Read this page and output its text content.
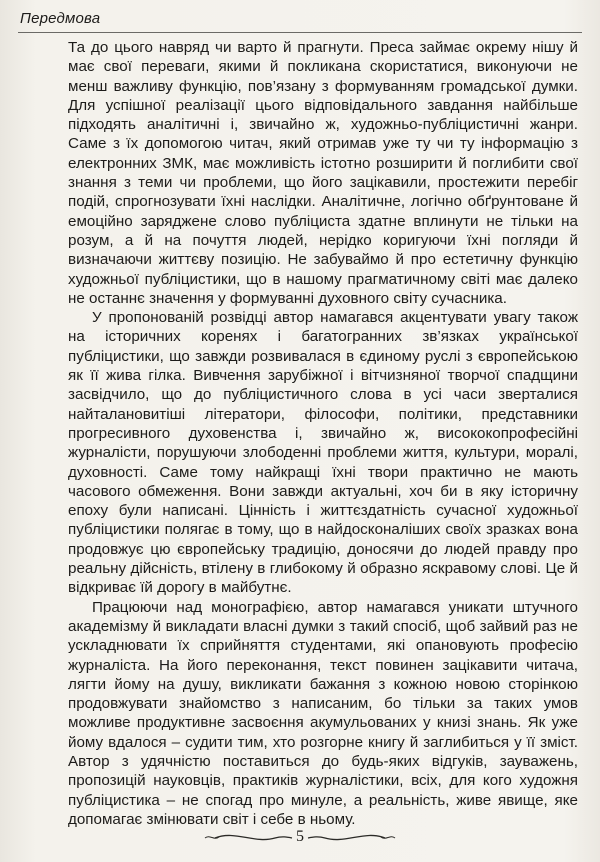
Передмова

Та до цього навряд чи варто й прагнути. Преса займає окрему нішу й має свої переваги, якими й покликана скористатися, виконуючи не менш важливу функцію, пов’язану з формуванням громадської думки. Для успішної реалізації цього відповідального завдання найбільше підходять аналітичні і, звичайно ж, художньо-публіцистичні жанри. Саме з їх допомогою читач, який отримав уже ту чи ту інформацію з електронних ЗМК, має можливість істотно розширити й поглибити свої знання з теми чи проблеми, що його зацікавили, простежити перебіг подій, спрогнозувати їхні наслідки. Аналітичне, логічно обґрунтоване й емоційно заряджене слово публіциста здатне вплинути не тільки на розум, а й на почуття людей, нерідко коригуючи їхні погляди й визначаючи життєву позицію. Не забуваймо й про естетичну функцію художньої публіцистики, що в нашому прагматичному світі має далеко не останнє значення у формуванні духовного світу сучасника.

У пропонованій розвідці автор намагався акцентувати увагу також на історичних коренях і багатогранних зв’язках української публіцистики, що завжди розвивалася в єдиному руслі з європейською як її жива гілка. Вивчення зарубіжної і вітчизняної творчої спадщини засвідчило, що до публіцистичного слова в усі часи зверталися найталановитіші літератори, філософи, політики, представники прогресивного духовенства і, звичайно ж, висококопрофесійні журналісти, порушуючи злободенні проблеми життя, культури, моралі, духовності. Саме тому найкращі їхні твори практично не мають часового обмеження. Вони завжди актуальні, хоч би в яку історичну епоху були написані. Цінність і життєздатність сучасної художньої публіцистики полягає в тому, що в найдосконаліших своїх зразках вона продовжує цю європейську традицію, доносячи до людей правду про реальну дійсність, втілену в глибокому й образно яскравому слові. Це й відкриває їй дорогу в майбутнє.

Працюючи над монографією, автор намагався уникати штучного академізму й викладати власні думки з такий спосіб, щоб зайвий раз не ускладнювати їх сприйняття студентами, які опановують професію журналіста. На його переконання, текст повинен зацікавити читача, лягти йому на душу, викликати бажання з кожною новою сторінкою продовжувати знайомство з написаним, бо тільки за таких умов можливе продуктивне засвоєння акумульованих у книзі знань. Як уже йому вдалося – судити тим, хто розгорне книгу й заглибиться у її зміст. Автор з удячністю поставиться до будь-яких відгуків, зауважень, пропозицій науковців, практиків журналістики, всіх, для кого художня публіцистика – не спогад про минуле, а реальність, живе явище, яке допомагає змінювати світ і себе в ньому.

5
